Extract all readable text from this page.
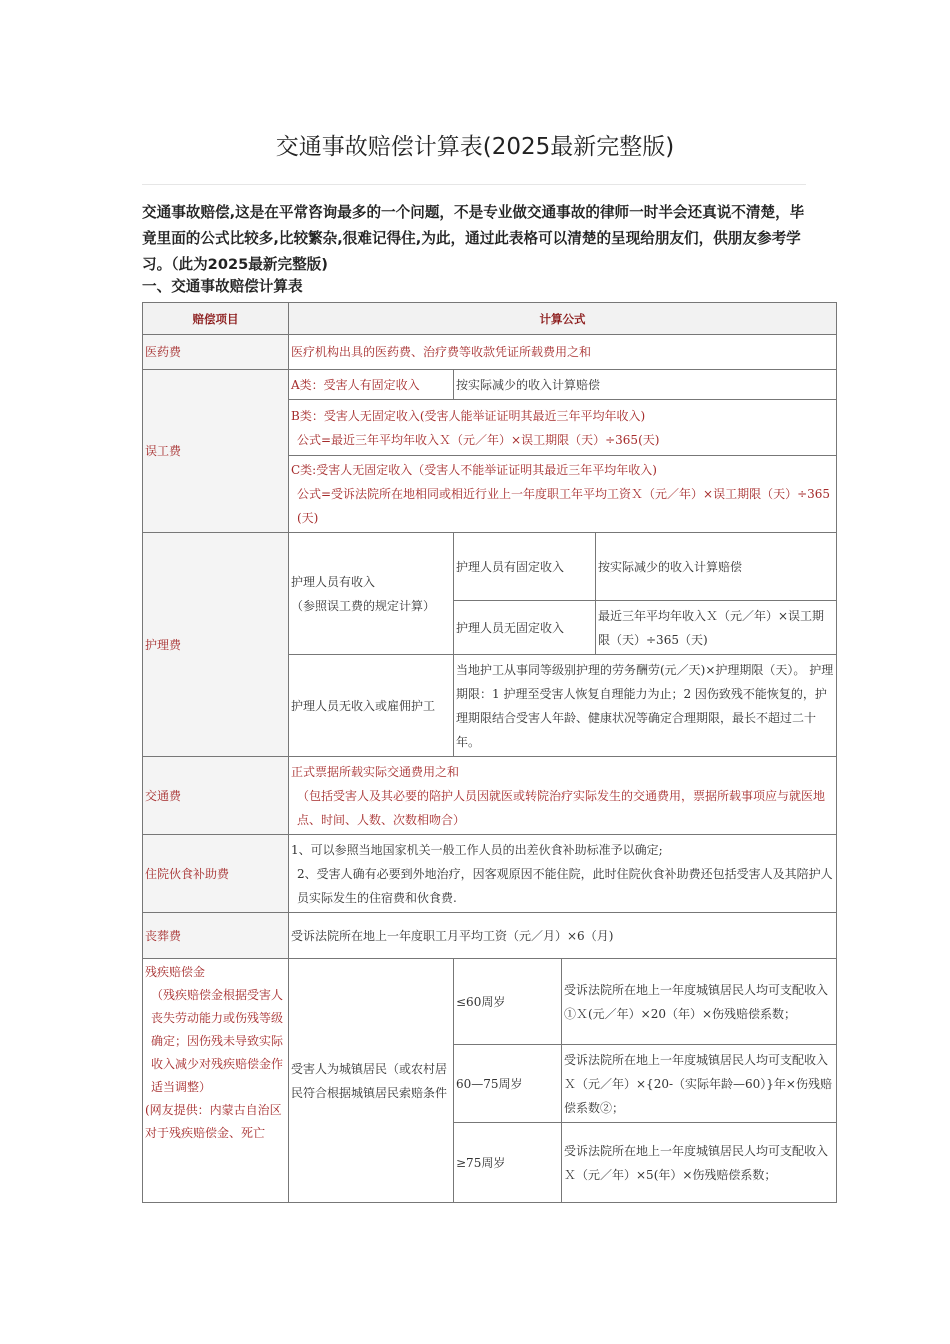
交通事故赔偿计算表(2025最新完整版)
交通事故赔偿,这是在平常咨询最多的一个问题，不是专业做交通事故的律师一时半会还真说不清楚，毕竟里面的公式比较多,比较繁杂,很难记得住,为此，通过此表格可以清楚的呈现给朋友们，供朋友参考学习。（此为2025最新完整版)
一、交通事故赔偿计算表
赔偿项目	计算公式			
医药费	医疗机构出具的医药费、治疗费等收款凭证所载费用之和			
误工费	A类：受害人有固定收入	按实际减少的收入计算赔偿		

	B类：受害人无固定收入(受害人能举证证明其最近三年平均年收入)
公式=最近三年平均年收入Ｘ（元／年）×误工期限（天）÷365(天)			

	C类:受害人无固定收入（受害人不能举证证明其最近三年平均年收入)
公式=受诉法院所在地相同或相近行业上一年度职工年平均工资Ｘ（元／年）×误工期限（天）÷365(天)			

护理费	护理人员有收入
（参照误工费的规定计算）	护理人员有固定收入		按实际减少的收入计算赔偿
		护理人员无固定收入		最近三年平均年收入Ｘ（元／年）×误工期限（天）÷365（天)
	护理人员无收入或雇佣护工	当地护工从事同等级别护理的劳务酬劳(元／天)×护理期限（天）。 护理期限：1 护理至受害人恢复自理能力为止；2 因伤致残不能恢复的，护理期限结合受害人年龄、健康状况等确定合理期限，最长不超过二十年。		
交通费	正式票据所载实际交通费用之和
（包括受害人及其必要的陪护人员因就医或转院治疗实际发生的交通费用，票据所载事项应与就医地点、时间、人数、次数相吻合）			

住院伙食补助费	1、可以参照当地国家机关一般工作人员的出差伙食补助标准予以确定;
2、受害人确有必要到外地治疗，因客观原因不能住院，此时住院伙食补助费还包括受害人及其陪护人员实际发生的住宿费和伙食费.			

丧葬费	受诉法院所在地上一年度职工月平均工资（元／月）×6（月)			

残疾赔偿金
（残疾赔偿金根据受害人丧失劳动能力或伤残等级确定；因伤残未导致实际收入减少对残疾赔偿金作适当调整）
(网友提供：内蒙古自治区对于残疾赔偿金、死亡	受害人为城镇居民（或农村居民符合根据城镇居民索赔条件	≤60周岁	受诉法院所在地上一年度城镇居民人均可支配收入①Ｘ(元／年）×20（年）×伤残赔偿系数；	
		60—75周岁	受诉法院所在地上一年度城镇居民人均可支配收入Ｘ（元／年）×{20-（实际年龄—60）}年×伤残赔偿系数②；	
		≥75周岁	受诉法院所在地上一年度城镇居民人均可支配收入Ｘ（元／年）×5(年）×伤残赔偿系数；	
